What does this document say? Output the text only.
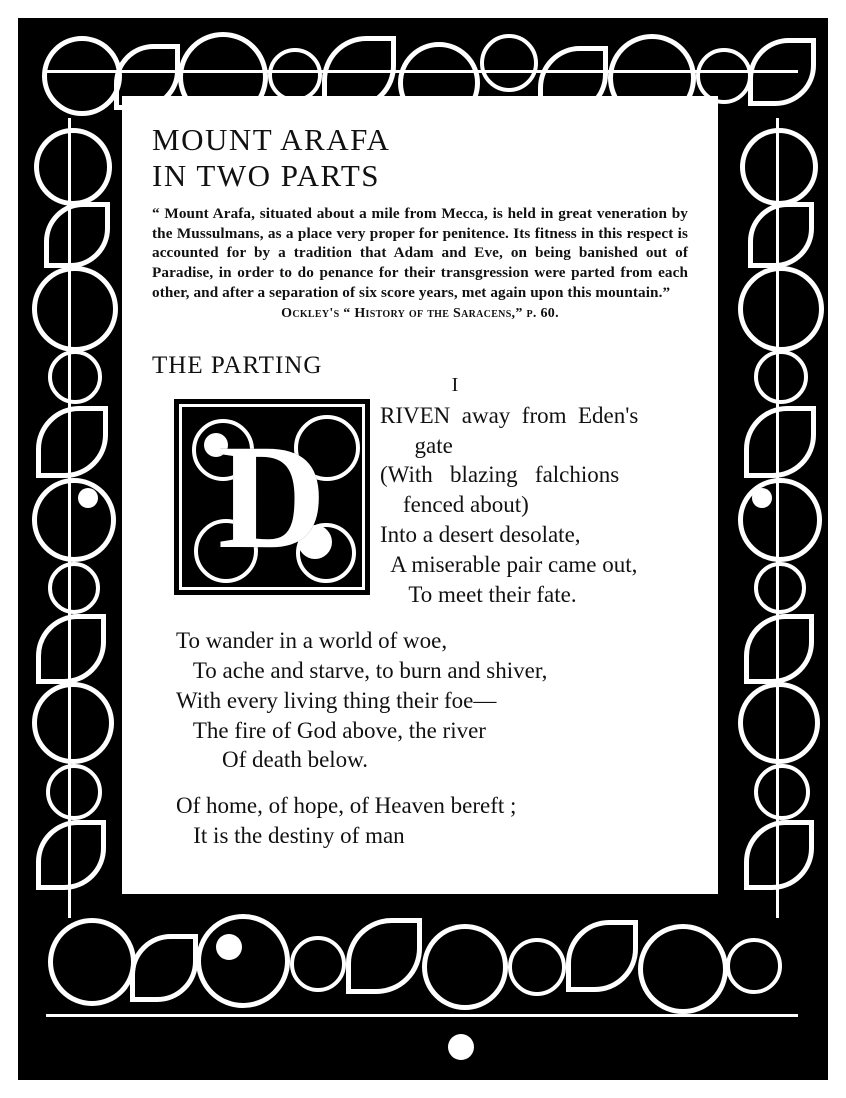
MOUNT ARAFA
IN TWO PARTS

“ Mount Arafa, situated about a mile from Mecca, is held in great veneration by the Mussulmans, as a place very proper for penitence. Its fitness in this respect is accounted for by a tradition that Adam and Eve, on being banished out of Paradise, in order to do penance for their transgression were parted from each other, and after a separation of six score years, met again upon this mountain.”

Ockley's “ History of the Saracens,” p. 60.

THE PARTING
I
D	RIVEN  away  from  Eden's
gate
(With   blazing   falchions
fenced about)
Into a desert desolate,
A miserable pair came out,
To meet their fate.
To wander in a world of woe,
To ache and starve, to burn and shiver,
With every living thing their foe—
The fire of God above, the river
Of death below.
Of home, of hope, of Heaven bereft ;
It is the destiny of man
